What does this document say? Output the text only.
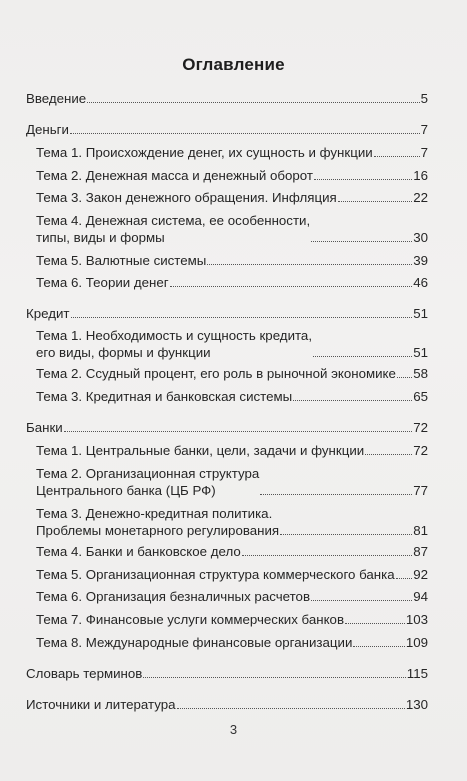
Оглавление
Введение	5
Деньги	7
Тема 1. Происхождение денег, их сущность и функции	7
Тема 2. Денежная масса и денежный оборот	16
Тема 3. Закон денежного обращения. Инфляция	22
Тема 4. Денежная система, ее особенности,
типы, виды и формы	30
Тема 5. Валютные системы	39
Тема 6. Теории денег	46
Кредит	51
Тема 1. Необходимость и сущность кредита,
его виды, формы и функции	51
Тема 2. Ссудный процент, его роль в рыночной экономике 58
Тема 3. Кредитная и банковская системы	65
Банки	72
Тема 1. Центральные банки, цели, задачи и функции	72
Тема 2. Организационная структура
Центрального банка (ЦБ РФ)	77
Тема 3. Денежно-кредитная политика.
Проблемы монетарного регулирования	81
Тема 4. Банки и банковское дело	87
Тема 5. Организационная структура коммерческого банка 92
Тема 6. Организация безналичных расчетов	94
Тема 7. Финансовые услуги коммерческих банков	103
Тема 8. Международные финансовые организации	109
Словарь терминов	115
Источники и литература	130
3
